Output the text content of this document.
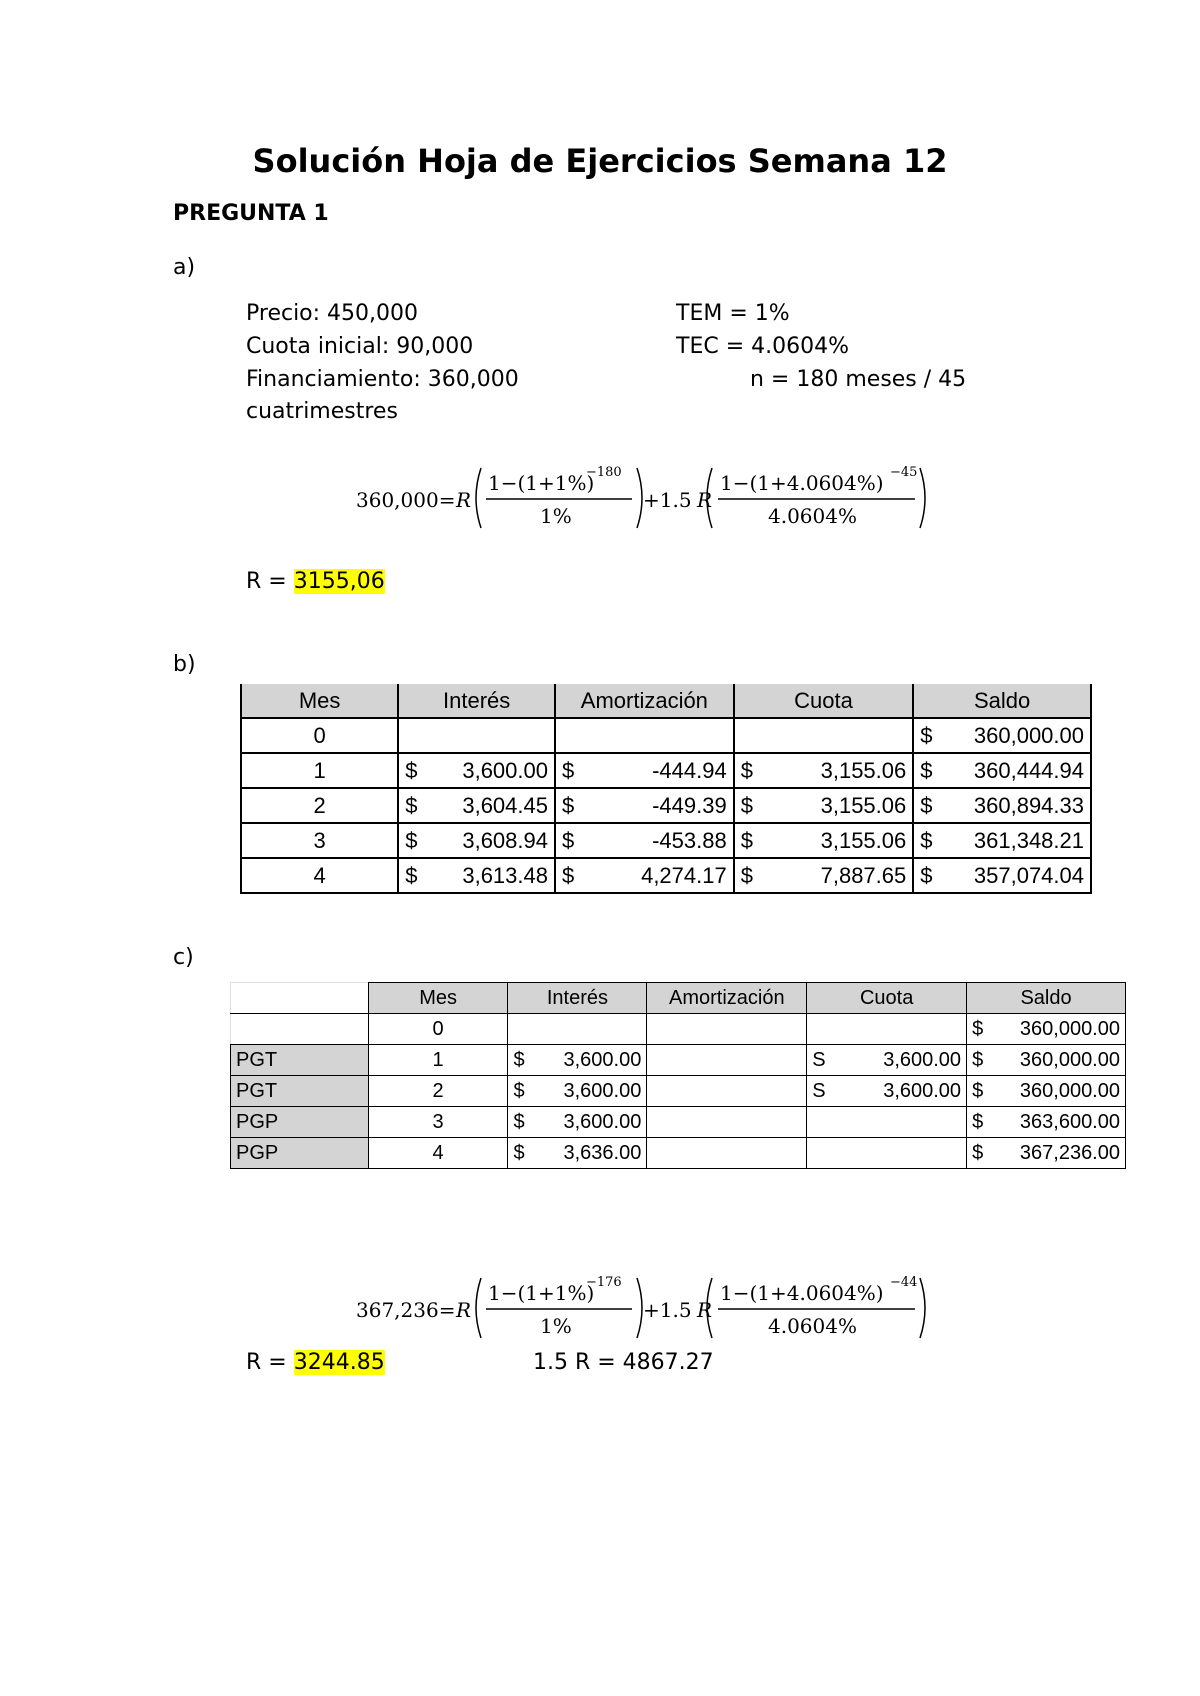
Solución Hoja de Ejercicios Semana 12
PREGUNTA 1
a)
Precio: 450,000
Cuota inicial: 90,000
Financiamiento: 360,000
cuatrimestres
TEM = 1%
TEC = 4.0604%
n = 180 meses / 45
360,000= R
1−(1+1%)
−180
1%
+1.5 R
1−(1+4.0604%) −45
4.0604%
R = 3155,06
b)
Mes	Interés	Amortización	Cuota	Saldo
0				$ 360,000.00

1	$ 3,600.00	$ -444.94	$ 3,155.06	$ 360,444.94

2	$ 3,604.45	$ -449.39	$ 3,155.06	$ 360,894.33

3	$ 3,608.94	$ -453.88	$ 3,155.06	$ 361,348.21

4	$ 3,613.48	$ 4,274.17	$ 7,887.65	$ 357,074.04
c)
	Mes	Interés	Amortización	Cuota	Saldo
	0				$ 360,000.00

PGT	1	$ 3,600.00		S 3,600.00	$ 360,000.00

PGT	2	$ 3,600.00		S 3,600.00	$ 360,000.00

PGP	3	$ 3,600.00			$ 363,600.00

PGP	4	$ 3,636.00			$ 367,236.00
367,236= R
1−(1+1%)
−176
1%
+1.5 R
1−(1+4.0604%) −44
4.0604%
R = 3244.85	1.5 R = 4867.27
